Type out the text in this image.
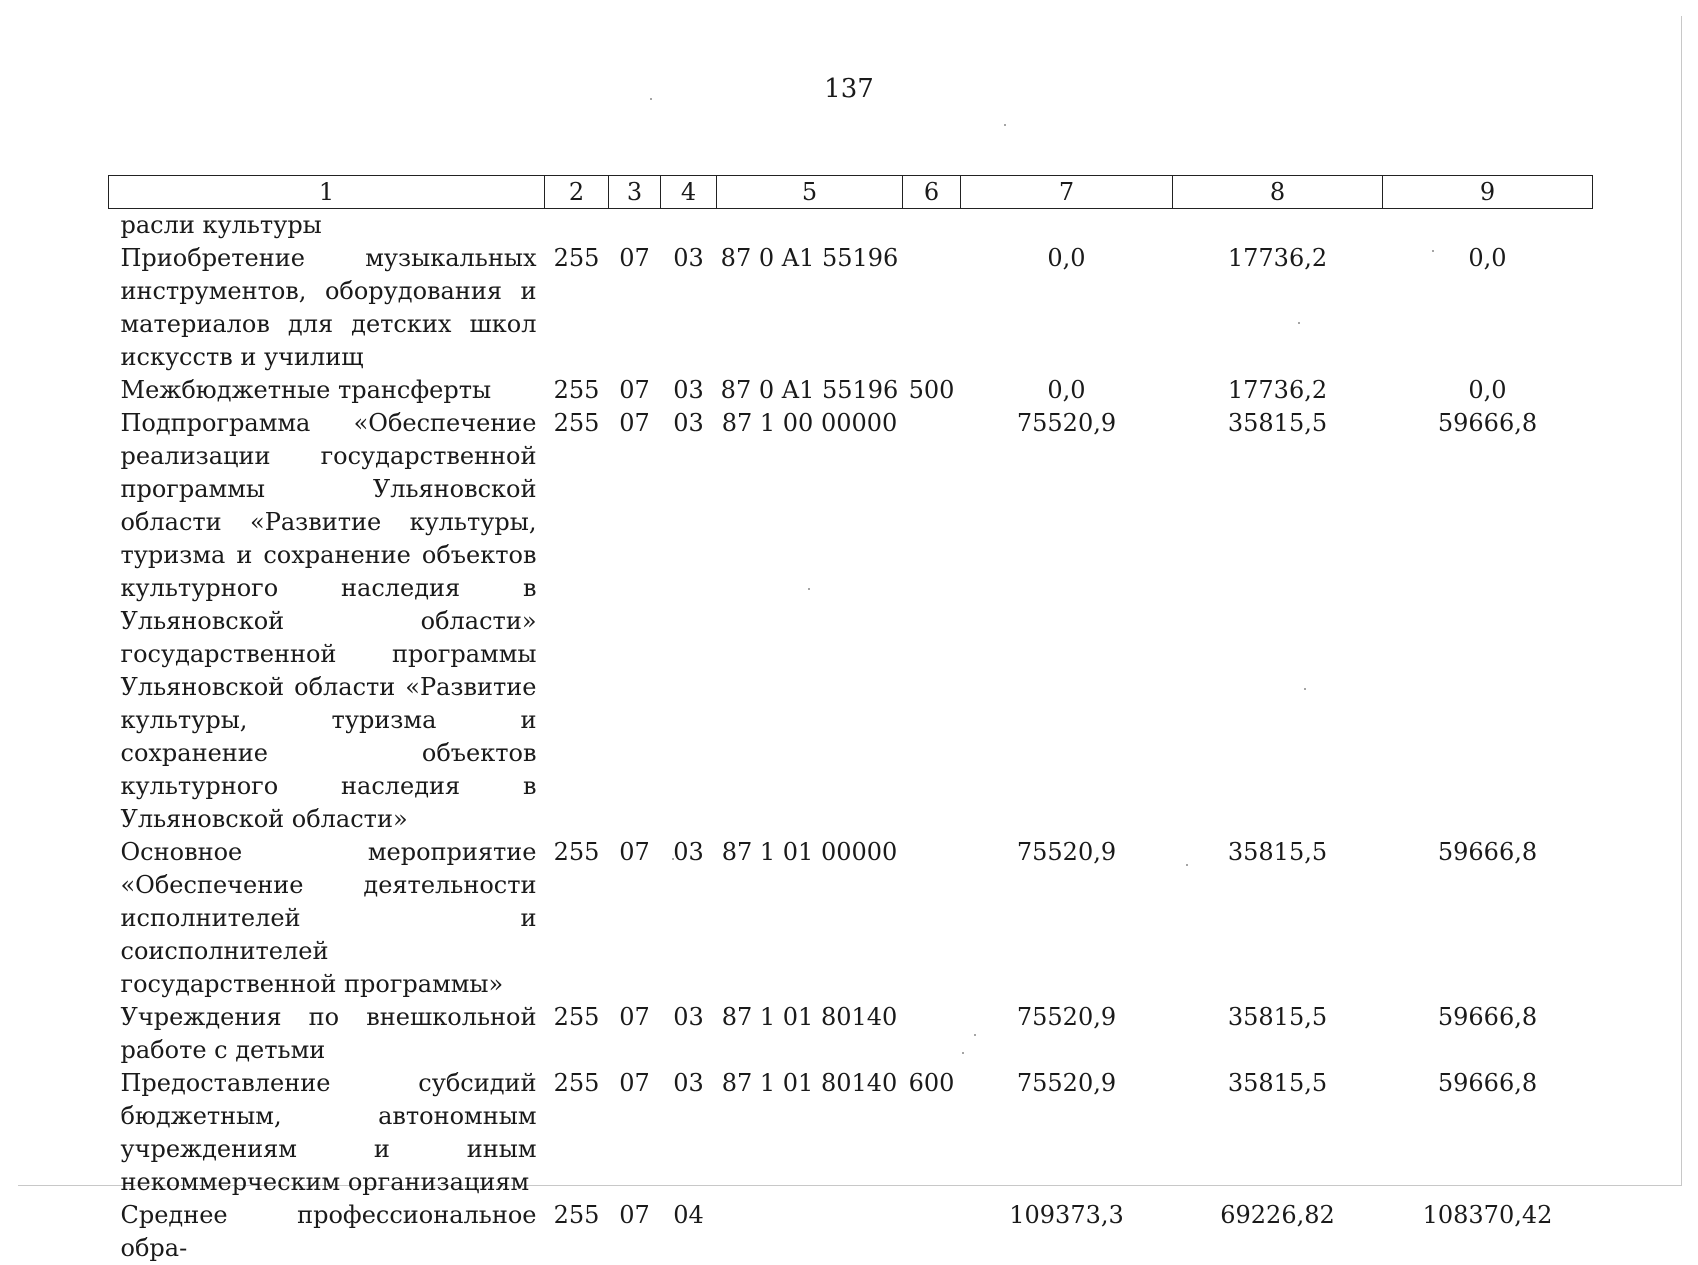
137
1	2	3	4	5	6	7	8	9
расли культуры								
Приобретение музыкальных инструментов, оборудования и материалов для детских школ искусств и училищ	255	07	03	87 0 A1 55196		0,0	17736,2	0,0
Межбюджетные трансферты	255	07	03	87 0 A1 55196	500	0,0	17736,2	0,0
Подпрограмма «Обеспечение реализации государственной программы Ульяновской области «Развитие культуры, туризма и сохранение объектов культурного наследия в Ульяновской области» государственной программы Ульяновской области «Развитие культуры, туризма и сохранение объектов культурного наследия в Ульяновской области»	255	07	03	87 1 00 00000		75520,9	35815,5	59666,8
Основное мероприятие «Обеспечение деятельности исполнителей и соисполнителей государственной программы»	255	07	03	87 1 01 00000		75520,9	35815,5	59666,8
Учреждения по внешкольной работе с детьми	255	07	03	87 1 01 80140		75520,9	35815,5	59666,8
Предоставление субсидий бюджетным, автономным учреждениям и иным некоммерческим организациям	255	07	03	87 1 01 80140	600	75520,9	35815,5	59666,8
Среднее профессиональное обра-	255	07	04			109373,3	69226,82	108370,42
